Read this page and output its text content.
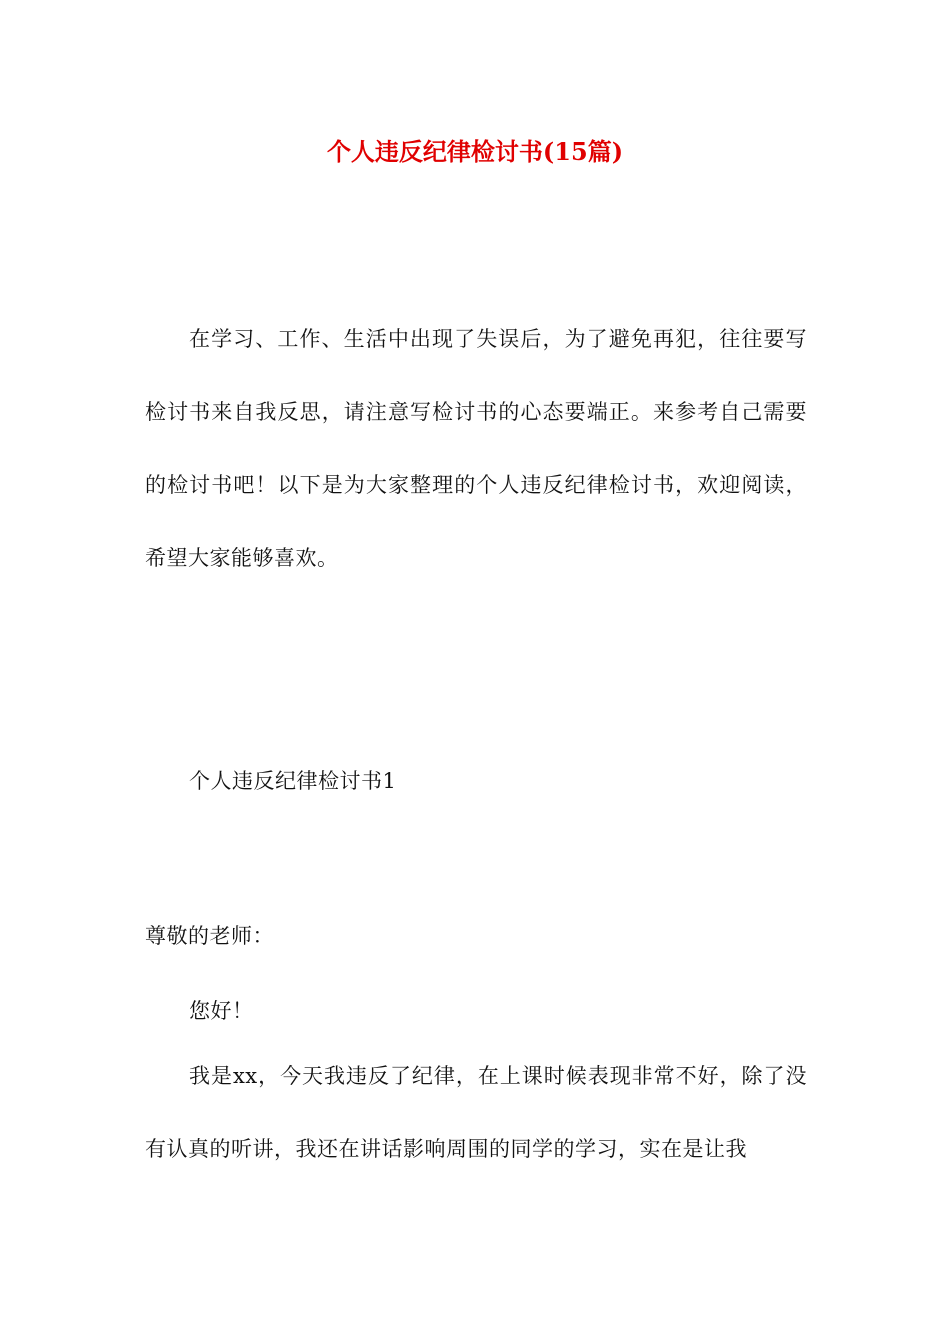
个人违反纪律检讨书(15篇)

在学习、工作、生活中出现了失误后，为了避免再犯，往往要写检讨书来自我反思，请注意写检讨书的心态要端正。来参考自己需要的检讨书吧！以下是为大家整理的个人违反纪律检讨书，欢迎阅读，希望大家能够喜欢。

个人违反纪律检讨书1

尊敬的老师：

您好！

我是xx，今天我违反了纪律，在上课时候表现非常不好，除了没有认真的听讲，我还在讲话影响周围的同学的学习，实在是让我
